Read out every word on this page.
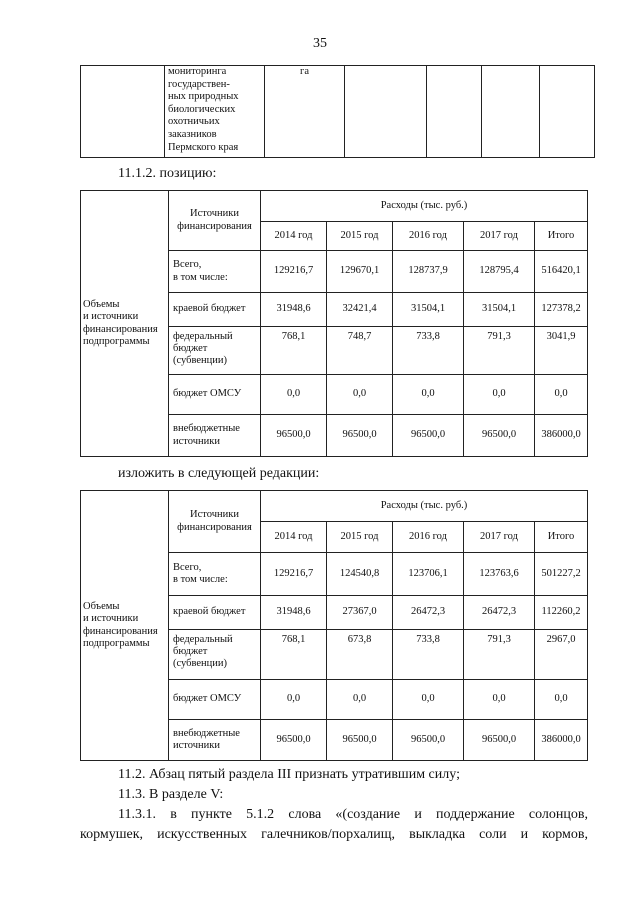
35

мониторинга
государствен-
ных природных
биологических
охотничьих
заказников
Пермского края
	га				
11.1.2. позицию:
Объемы
и источники
финансирования
подпрограммы	Источники финансирования	Расходы (тыс. руб.)				
		2014 год	2015 год	2016 год	2017 год	Итого
	Всего,
в том числе:	129216,7	129670,1	128737,9	128795,4	516420,1
	краевой бюджет	31948,6	32421,4	31504,1	31504,1	127378,2
	федеральный
бюджет
(субвенции)	768,1	748,7	733,8	791,3	3041,9
	бюджет ОМСУ	0,0	0,0	0,0	0,0	0,0
	внебюджетные
источники	96500,0	96500,0	96500,0	96500,0	386000,0
изложить в следующей редакции:
Объемы
и источники
финансирования
подпрограммы	Источники финансирования	Расходы (тыс. руб.)				
		2014 год	2015 год	2016 год	2017 год	Итого
	Всего,
в том числе:	129216,7	124540,8	123706,1	123763,6	501227,2
	краевой бюджет	31948,6	27367,0	26472,3	26472,3	112260,2
	федеральный
бюджет
(субвенции)	768,1	673,8	733,8	791,3	2967,0
	бюджет ОМСУ	0,0	0,0	0,0	0,0	0,0
	внебюджетные
источники	96500,0	96500,0	96500,0	96500,0	386000,0
11.2. Абзац пятый раздела III признать утратившим силу;
11.3. В разделе V:
11.3.1. в пункте 5.1.2 слова «(создание и поддержание солонцов,
кормушек, искусственных галечников/порхалищ, выкладка соли и кормов,
